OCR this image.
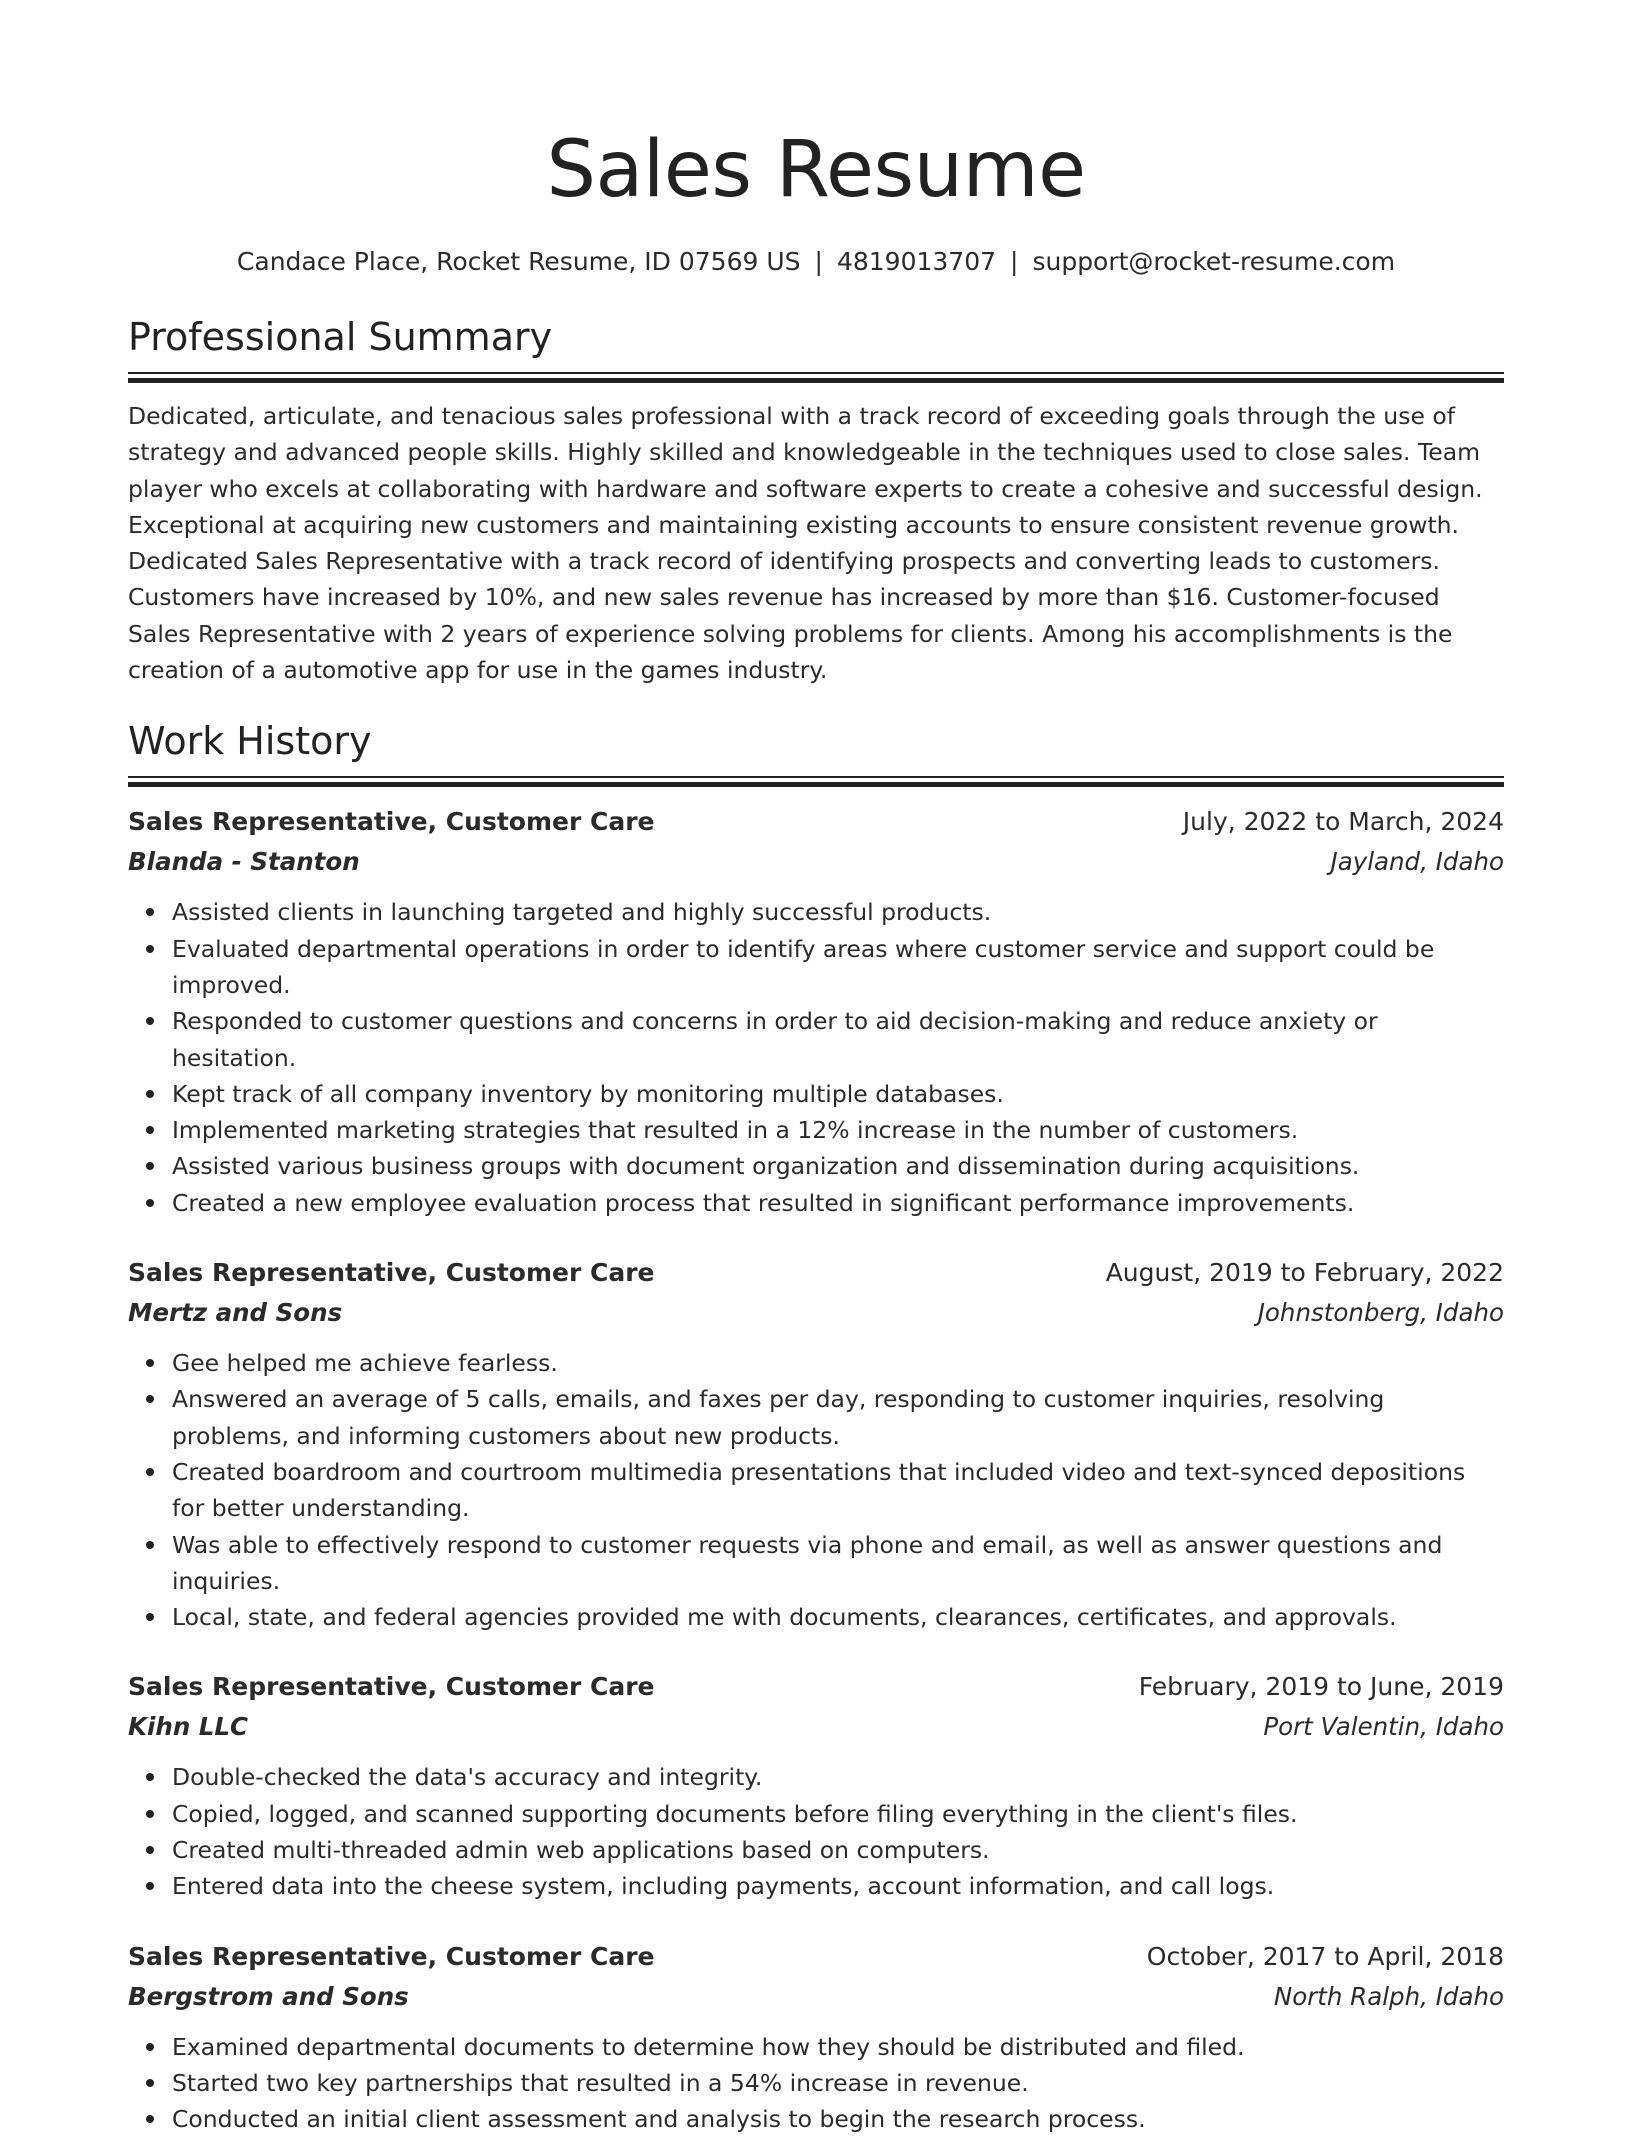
Sales Resume
Candace Place, Rocket Resume, ID 07569 US | 4819013707 | support@rocket-resume.com
Professional Summary

Dedicated, articulate, and tenacious sales professional with a track record of exceeding goals through the use of strategy and advanced people skills. Highly skilled and knowledgeable in the techniques used to close sales. Team player who excels at collaborating with hardware and software experts to create a cohesive and successful design. Exceptional at acquiring new customers and maintaining existing accounts to ensure consistent revenue growth. Dedicated Sales Representative with a track record of identifying prospects and converting leads to customers. Customers have increased by 10%, and new sales revenue has increased by more than $16. Customer-focused Sales Representative with 2 years of experience solving problems for clients. Among his accomplishments is the creation of a automotive app for use in the games industry.

Work History
Sales Representative, Customer Care	July, 2022 to March, 2024
Blanda - Stanton	Jayland, Idaho
Assisted clients in launching targeted and highly successful products.
Evaluated departmental operations in order to identify areas where customer service and support could be improved.
Responded to customer questions and concerns in order to aid decision-making and reduce anxiety or hesitation.
Kept track of all company inventory by monitoring multiple databases.
Implemented marketing strategies that resulted in a 12% increase in the number of customers.
Assisted various business groups with document organization and dissemination during acquisitions.
Created a new employee evaluation process that resulted in significant performance improvements.
Sales Representative, Customer Care	August, 2019 to February, 2022
Mertz and Sons	Johnstonberg, Idaho
Gee helped me achieve fearless.
Answered an average of 5 calls, emails, and faxes per day, responding to customer inquiries, resolving problems, and informing customers about new products.
Created boardroom and courtroom multimedia presentations that included video and text-synced depositions for better understanding.
Was able to effectively respond to customer requests via phone and email, as well as answer questions and inquiries.
Local, state, and federal agencies provided me with documents, clearances, certificates, and approvals.
Sales Representative, Customer Care	February, 2019 to June, 2019
Kihn LLC	Port Valentin, Idaho
Double-checked the data's accuracy and integrity.
Copied, logged, and scanned supporting documents before filing everything in the client's files.
Created multi-threaded admin web applications based on computers.
Entered data into the cheese system, including payments, account information, and call logs.
Sales Representative, Customer Care	October, 2017 to April, 2018
Bergstrom and Sons	North Ralph, Idaho
Examined departmental documents to determine how they should be distributed and filed.
Started two key partnerships that resulted in a 54% increase in revenue.
Conducted an initial client assessment and analysis to begin the research process.
